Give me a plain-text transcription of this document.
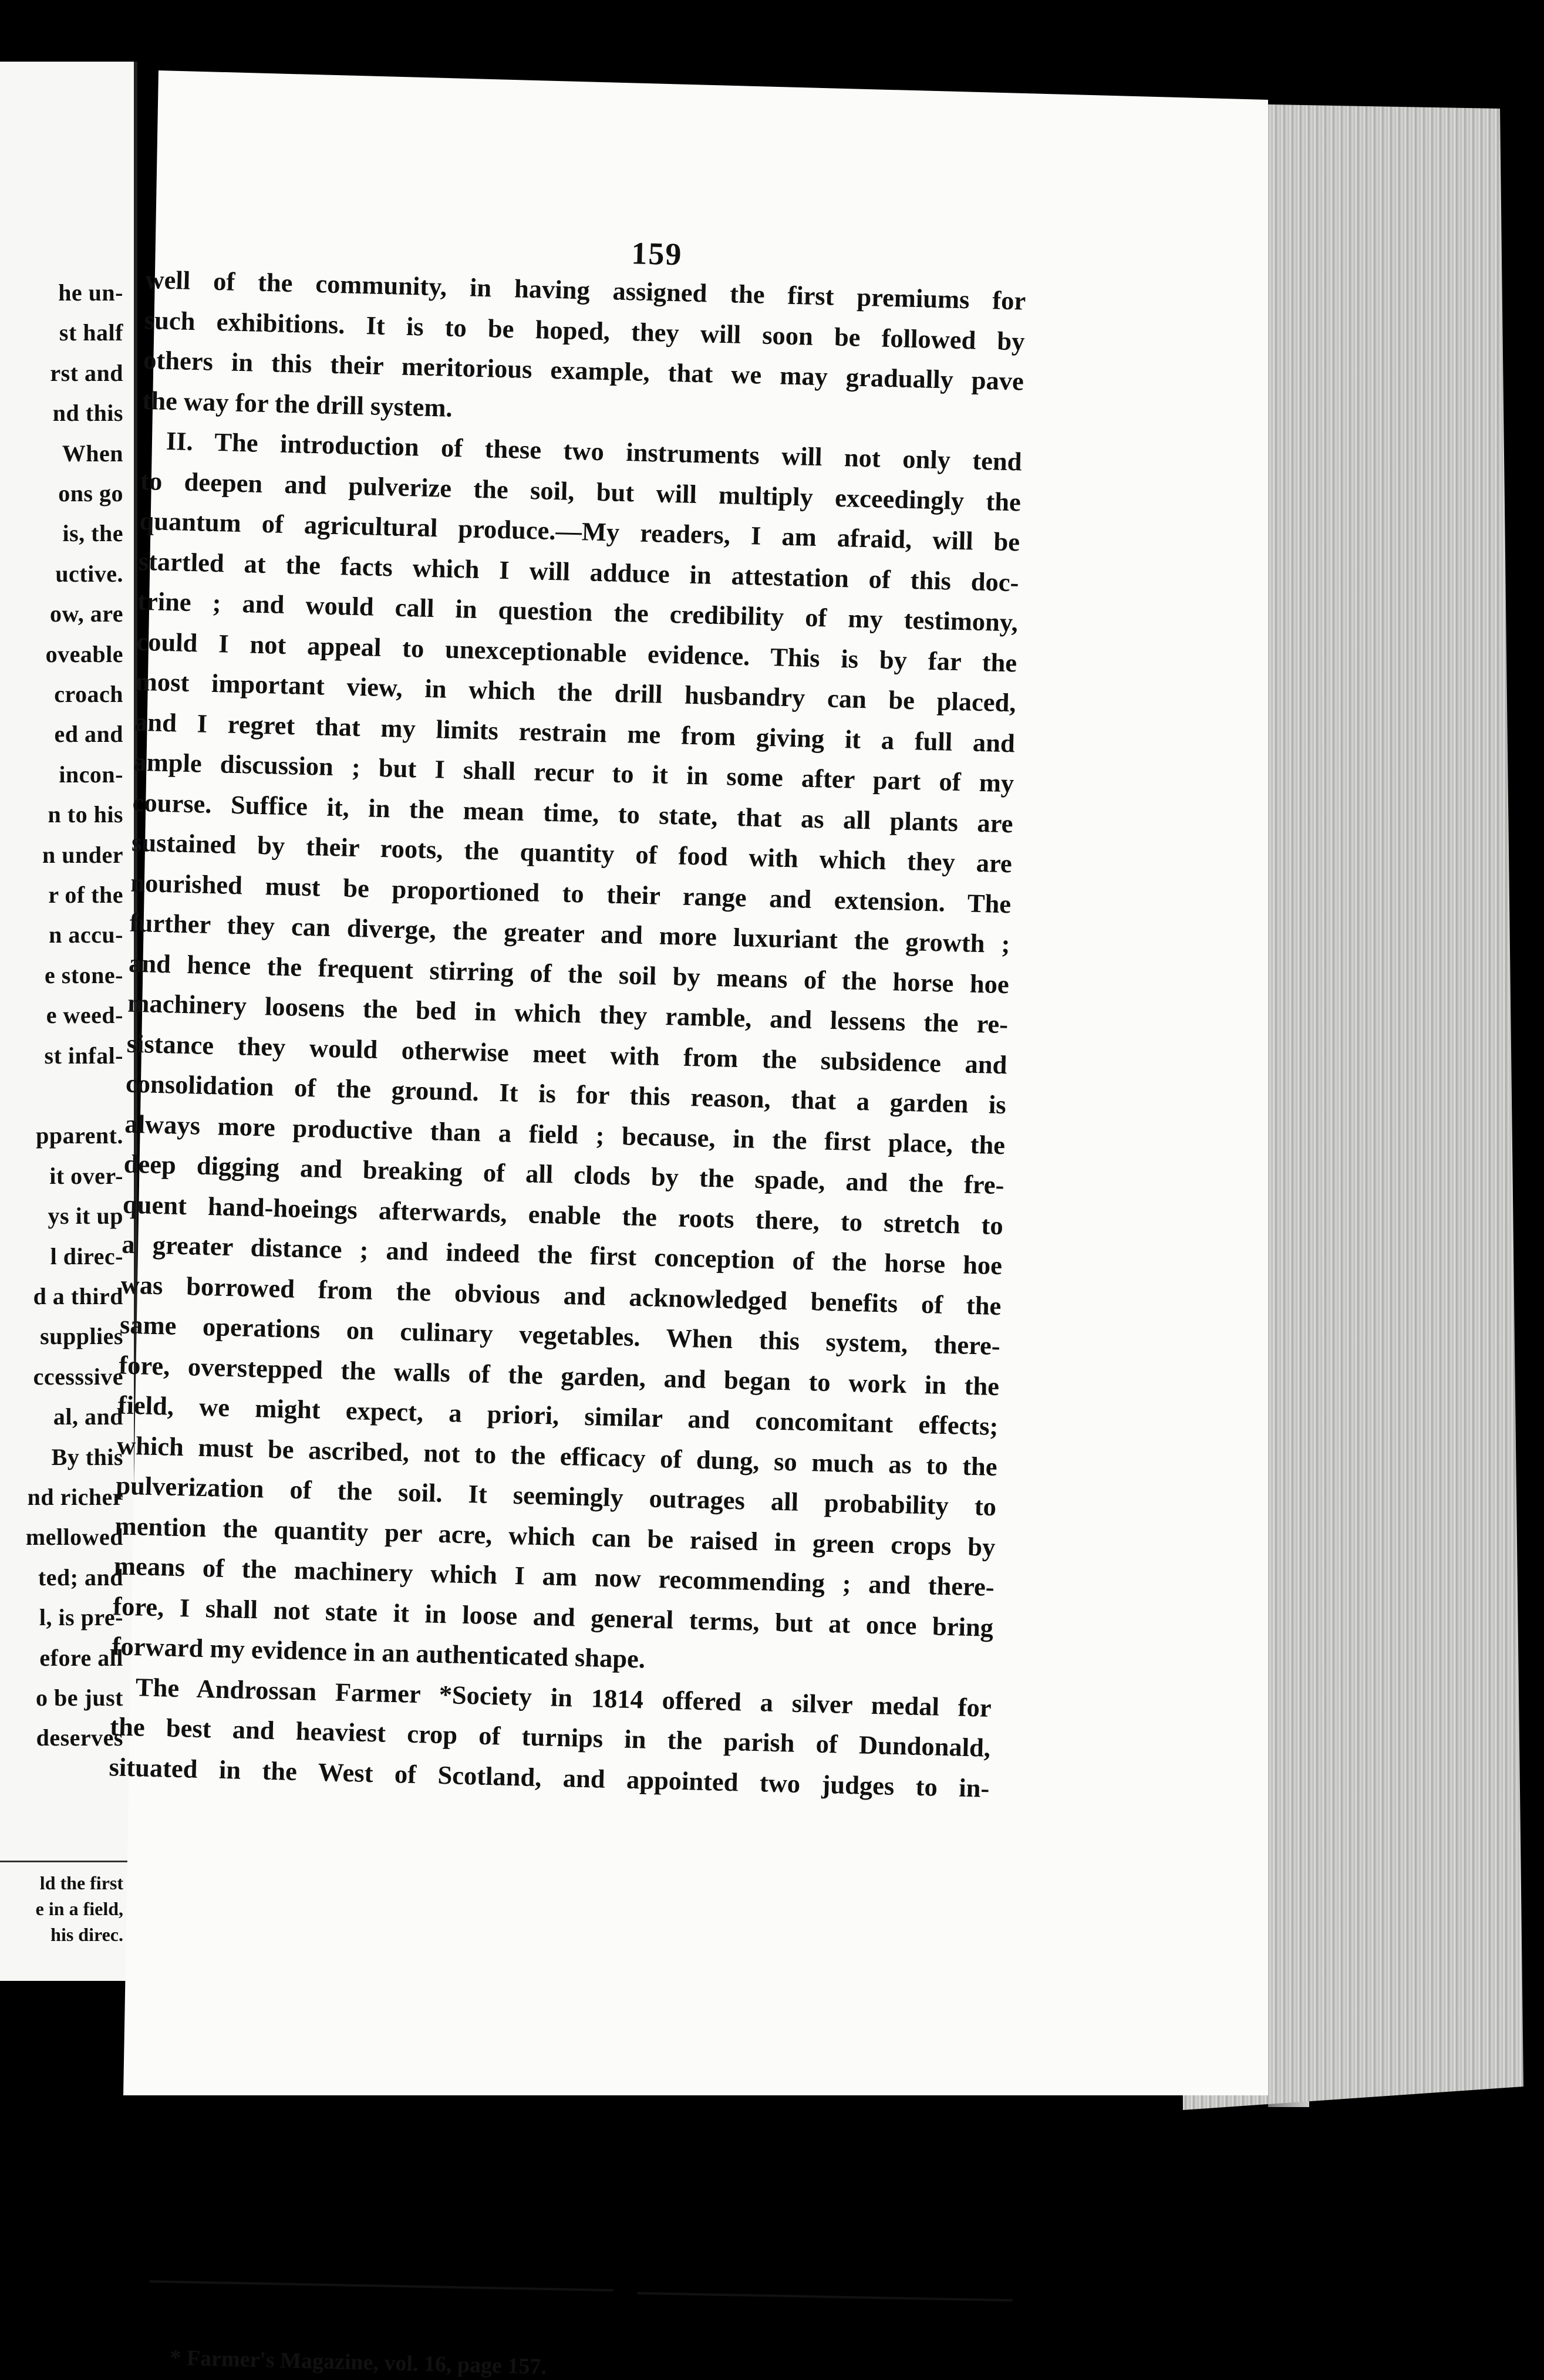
he un-
st half
rst and
nd this
When
ons go
is, the
uctive.
ow, are
oveable
croach
ed and
incon-
n to his
n under
r of the
n accu-
e stone-
e weed-
st infal-
pparent.
it over-
ys it up
l direc-
d a third
supplies
ccesssive
al, and
By this
nd richer
mellowed
ted; and
l, is pre-
efore all
o be just
deserves
ld the first
e in a field,
his direc.
159
well of the community, in having assigned the first premiums for
such exhibitions. It is to be hoped, they will soon be followed by
others in this their meritorious example, that we may gradually pave
the way for the drill system.
II. The introduction of these two instruments will not only tend
to deepen and pulverize the soil, but will multiply exceedingly the
quantum of agricultural produce.—My readers, I am afraid, will be
startled at the facts which I will adduce in attestation of this doc-
trine ; and would call in question the credibility of my testimony,
could I not appeal to unexceptionable evidence. This is by far the
most important view, in which the drill husbandry can be placed,
and I regret that my limits restrain me from giving it a full and
ample discussion ; but I shall recur to it in some after part of my
course. Suffice it, in the mean time, to state, that as all plants are
sustained by their roots, the quantity of food with which they are
nourished must be proportioned to their range and extension. The
further they can diverge, the greater and more luxuriant the growth ;
and hence the frequent stirring of the soil by means of the horse hoe
machinery loosens the bed in which they ramble, and lessens the re-
sistance they would otherwise meet with from the subsidence and
consolidation of the ground. It is for this reason, that a garden is
always more productive than a field ; because, in the first place, the
deep digging and breaking of all clods by the spade, and the fre-
quent hand-hoeings afterwards, enable the roots there, to stretch to
a greater distance ; and indeed the first conception of the horse hoe
was borrowed from the obvious and acknowledged benefits of the
same operations on culinary vegetables. When this system, there-
fore, overstepped the walls of the garden, and began to work in the
field, we might expect, a priori, similar and concomitant effects;
which must be ascribed, not to the efficacy of dung, so much as to the
pulverization of the soil. It seemingly outrages all probability to
mention the quantity per acre, which can be raised in green crops by
means of the machinery which I am now recommending ; and there-
fore, I shall not state it in loose and general terms, but at once bring
forward my evidence in an authenticated shape.
The Androssan Farmer *Society in 1814 offered a silver medal for
the best and heaviest crop of turnips in the parish of Dundonald,
situated in the West of Scotland, and appointed two judges to in-
* Farmer's Magazine, vol. 16, page 157.
